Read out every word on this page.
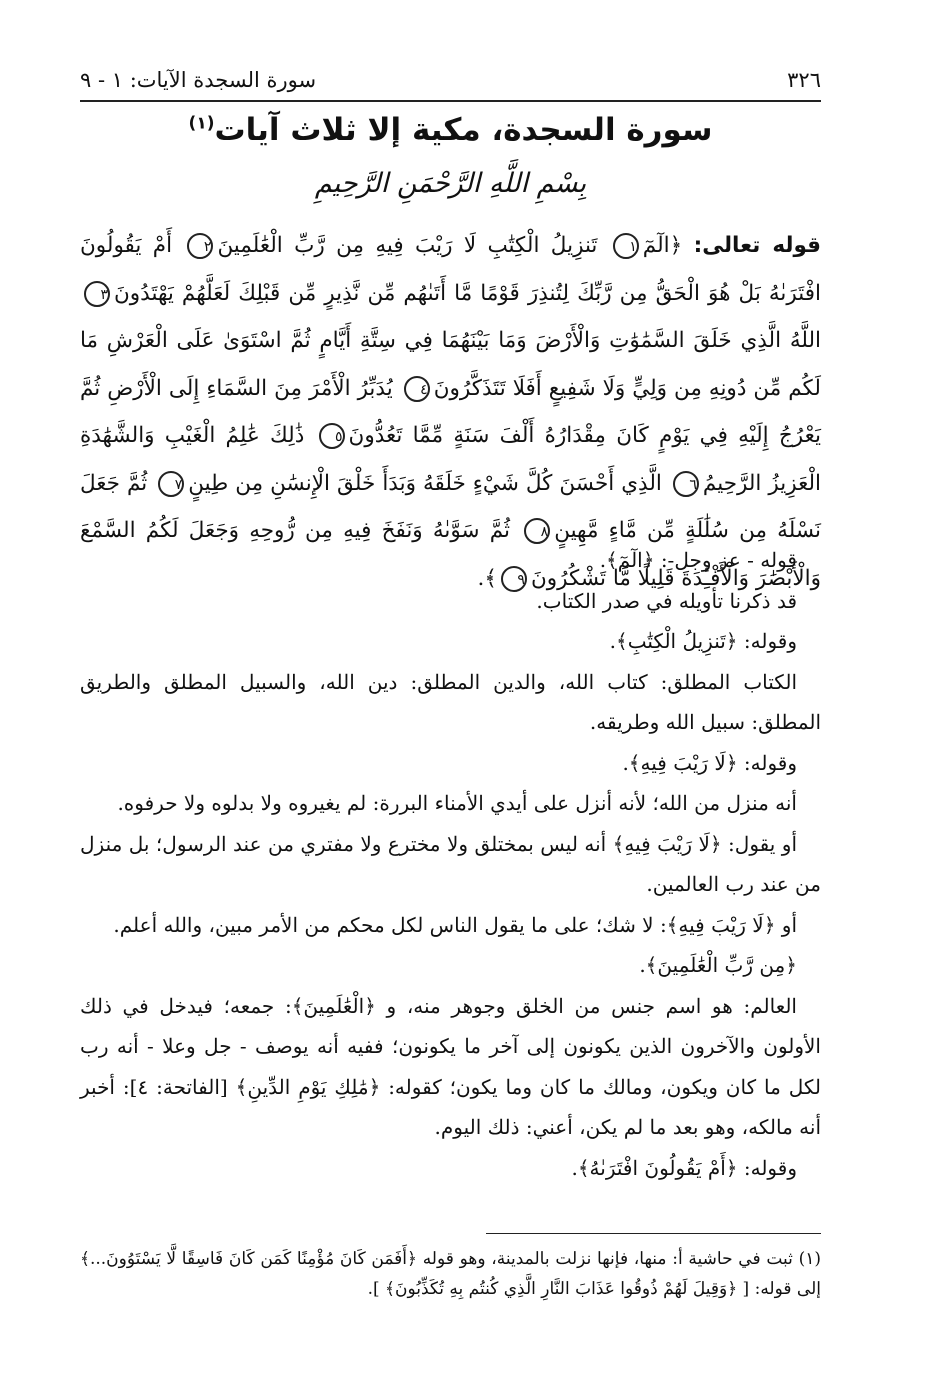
٣٢٦
سورة السجدة الآيات: ١ - ٩
سورة السجدة، مكية إلا ثلاث آيات$^{(١)}$
بِسْمِ اللَّهِ الرَّحْمَنِ الرَّحِيمِ
قوله تعالى: ﴿الٓمٓ١ تَنزِيلُ الْكِتَٰبِ لَا رَيْبَ فِيهِ مِن رَّبِّ الْعَٰلَمِينَ٢ أَمْ يَقُولُونَ افْتَرَىٰهُ بَلْ هُوَ الْحَقُّ مِن رَّبِّكَ لِتُنذِرَ قَوْمًا مَّا أَتَىٰهُم مِّن نَّذِيرٍ مِّن قَبْلِكَ لَعَلَّهُمْ يَهْتَدُونَ٣ اللَّهُ الَّذِي خَلَقَ السَّمَٰوَٰتِ وَالْأَرْضَ وَمَا بَيْنَهُمَا فِي سِتَّةِ أَيَّامٍ ثُمَّ اسْتَوَىٰ عَلَى الْعَرْشِ مَا لَكُم مِّن دُونِهِ مِن وَلِيٍّ وَلَا شَفِيعٍ أَفَلَا تَتَذَكَّرُونَ٤ يُدَبِّرُ الْأَمْرَ مِنَ السَّمَاءِ إِلَى الْأَرْضِ ثُمَّ يَعْرُجُ إِلَيْهِ فِي يَوْمٍ كَانَ مِقْدَارُهُ أَلْفَ سَنَةٍ مِّمَّا تَعُدُّونَ٥ ذَٰلِكَ عَٰلِمُ الْغَيْبِ وَالشَّهَٰدَةِ الْعَزِيزُ الرَّحِيمُ٦ الَّذِي أَحْسَنَ كُلَّ شَيْءٍ خَلَقَهُ وَبَدَأَ خَلْقَ الْإِنسَٰنِ مِن طِينٍ٧ ثُمَّ جَعَلَ نَسْلَهُ مِن سُلَٰلَةٍ مِّن مَّاءٍ مَّهِينٍ٨ ثُمَّ سَوَّىٰهُ وَنَفَخَ فِيهِ مِن رُّوحِهِ وَجَعَلَ لَكُمُ السَّمْعَ وَالْأَبْصَٰرَ وَالْأَفْـِٔدَةَ قَلِيلًا مَّا تَشْكُرُونَ٩﴾.

قوله - عز وجل-: ﴿الٓمٓ﴾.

قد ذكرنا تأويله في صدر الكتاب.

وقوله: ﴿تَنزِيلُ الْكِتَٰبِ﴾.

الكتاب المطلق: كتاب الله، والدين المطلق: دين الله، والسبيل المطلق والطريق المطلق: سبيل الله وطريقه.

وقوله: ﴿لَا رَيْبَ فِيهِ﴾.

أنه منزل من الله؛ لأنه أنزل على أيدي الأمناء البررة: لم يغيروه ولا بدلوه ولا حرفوه.

أو يقول: ﴿لَا رَيْبَ فِيهِ﴾ أنه ليس بمختلق ولا مخترع ولا مفتري من عند الرسول؛ بل منزل من عند رب العالمين.

أو ﴿لَا رَيْبَ فِيهِ﴾: لا شك؛ على ما يقول الناس لكل محكم من الأمر مبين، والله أعلم.

﴿مِن رَّبِّ الْعَٰلَمِينَ﴾.

العالم: هو اسم جنس من الخلق وجوهر منه، و ﴿الْعَٰلَمِينَ﴾: جمعه؛ فيدخل في ذلك الأولون والآخرون الذين يكونون إلى آخر ما يكونون؛ ففيه أنه يوصف - جل وعلا - أنه رب لكل ما كان ويكون، ومالك ما كان وما يكون؛ كقوله: ﴿مَٰلِكِ يَوْمِ الدِّينِ﴾ [الفاتحة: ٤]: أخبر أنه مالكه، وهو بعد ما لم يكن، أعني: ذلك اليوم.

وقوله: ﴿أَمْ يَقُولُونَ افْتَرَىٰهُ﴾.

(١) ثبت في حاشية أ: منها، فإنها نزلت بالمدينة، وهو قوله ﴿أَفَمَن كَانَ مُؤْمِنًا كَمَن كَانَ فَاسِقًا لَّا يَسْتَوُونَ...﴾ إلى قوله: [ ﴿وَقِيلَ لَهُمْ ذُوقُوا عَذَابَ النَّارِ الَّذِي كُنتُم بِهِ تُكَذِّبُونَ﴾ ].
